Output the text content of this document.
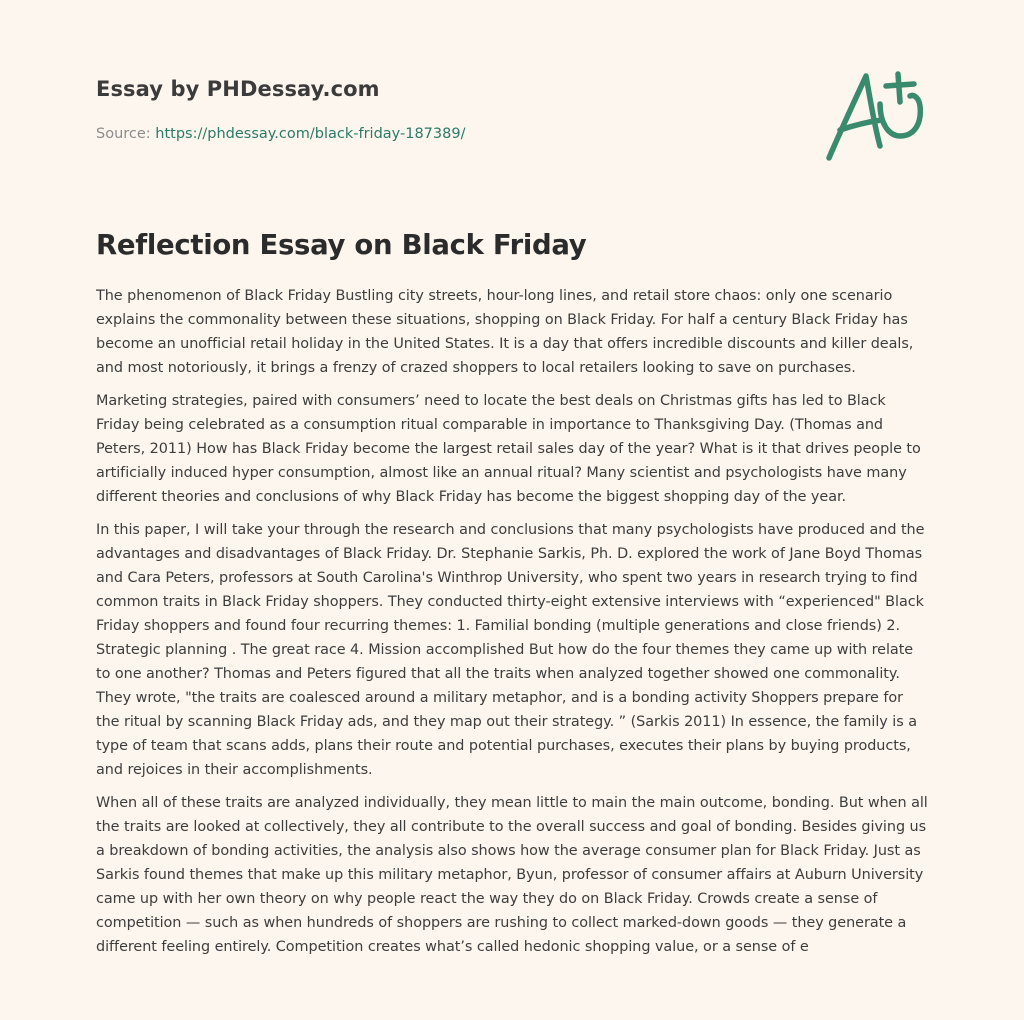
Essay by PHDessay.com
Source: https://phdessay.com/black-friday-187389/
Reflection Essay on Black Friday

The phenomenon of Black Friday Bustling city streets, hour-long lines, and retail store chaos: only one scenario explains the commonality between these situations, shopping on Black Friday. For half a century Black Friday has become an unofficial retail holiday in the United States. It is a day that offers incredible discounts and killer deals, and most notoriously, it brings a frenzy of crazed shoppers to local retailers looking to save on purchases.

Marketing strategies, paired with consumers’ need to locate the best deals on Christmas gifts has led to Black Friday being celebrated as a consumption ritual comparable in importance to Thanksgiving Day. (Thomas and Peters, 2011) How has Black Friday become the largest retail sales day of the year? What is it that drives people to artificially induced hyper consumption, almost like an annual ritual? Many scientist and psychologists have many different theories and conclusions of why Black Friday has become the biggest shopping day of the year.

In this paper, I will take your through the research and conclusions that many psychologists have produced and the advantages and disadvantages of Black Friday. Dr. Stephanie Sarkis, Ph. D. explored the work of Jane Boyd Thomas and Cara Peters, professors at South Carolina's Winthrop University, who spent two years in research trying to find common traits in Black Friday shoppers. They conducted thirty-eight extensive interviews with “experienced" Black Friday shoppers and found four recurring themes: 1. Familial bonding (multiple generations and close friends) 2. Strategic planning . The great race 4. Mission accomplished But how do the four themes they came up with relate to one another? Thomas and Peters figured that all the traits when analyzed together showed one commonality. They wrote, "the traits are coalesced around a military metaphor, and is a bonding activity Shoppers prepare for the ritual by scanning Black Friday ads, and they map out their strategy. ” (Sarkis 2011) In essence, the family is a type of team that scans adds, plans their route and potential purchases, executes their plans by buying products, and rejoices in their accomplishments.

When all of these traits are analyzed individually, they mean little to main the main outcome, bonding. But when all the traits are looked at collectively, they all contribute to the overall success and goal of bonding. Besides giving us a breakdown of bonding activities, the analysis also shows how the average consumer plan for Black Friday. Just as Sarkis found themes that make up this military metaphor, Byun, professor of consumer affairs at Auburn University came up with her own theory on why people react the way they do on Black Friday. Crowds create a sense of competition — such as when hundreds of shoppers are rushing to collect marked-down goods — they generate a different feeling entirely. Competition creates what’s called hedonic shopping value, or a sense of e
